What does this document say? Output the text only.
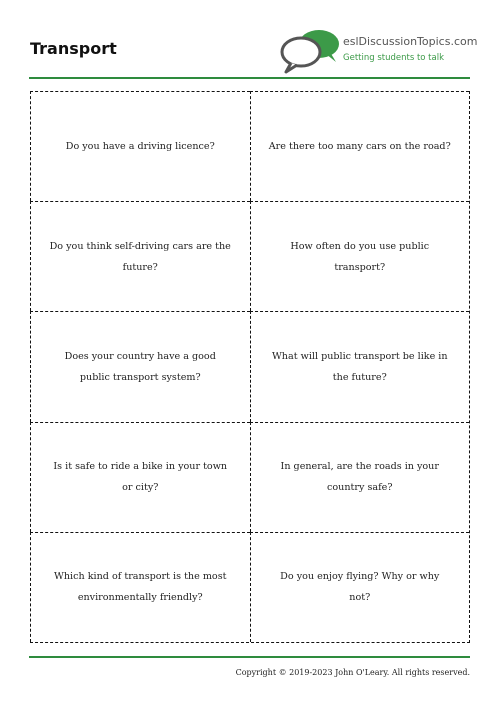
Transport	eslDiscussionTopics.com
Getting students to talk
Do you have a driving licence?	Are there too many cars on the road?
Do you think self-driving cars are the future?
How often do you use public transport?
Does your country have a good public transport system?
What will public transport be like in the future?
Is it safe to ride a bike in your town or city?
In general, are the roads in your country safe?
Which kind of transport is the most environmentally friendly?
Do you enjoy flying? Why or why not?
Copyright © 2019-2023 John O'Leary. All rights reserved.
